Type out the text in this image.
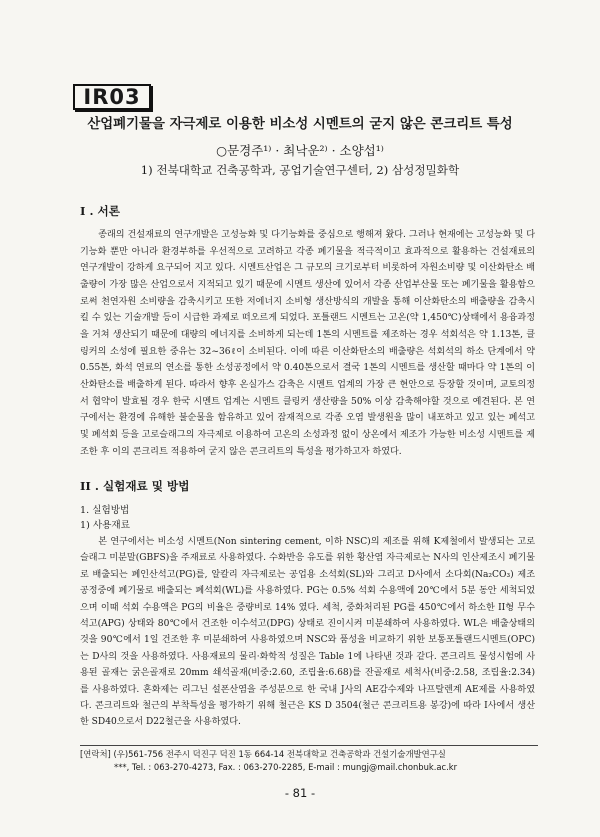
IR03
산업폐기물을 자극제로 이용한 비소성 시멘트의 굳지 않은 콘크리트 특성
○문경주¹⁾ · 최낙운²⁾ · 소양섭¹⁾
1) 전북대학교 건축공학과, 공업기술연구센터, 2) 삼성정밀화학
I . 서론
종래의 건설재료의 연구개발은 고성능화 및 다기능화를 중심으로 행해져 왔다. 그러나 현재에는 고성능화 및 다기능화 뿐만 아니라 환경부하를 우선적으로 고려하고 각종 폐기물을 적극적이고 효과적으로 활용하는 건설재료의 연구개발이 강하게 요구되어 지고 있다. 시멘트산업은 그 규모의 크기로부터 비롯하여 자원소비량 및 이산화탄소 배출량이 가장 많은 산업으로서 지적되고 있기 때문에 시멘트 생산에 있어서 각종 산업부산물 또는 폐기물을 활용함으로써 천연자원 소비량을 감축시키고 또한 저에너지 소비형 생산방식의 개발을 통해 이산화탄소의 배출량을 감축시킬 수 있는 기술개발 등이 시급한 과제로 떠오르게 되었다. 포틀랜드 시멘트는 고온(약 1,450℃)상태에서 용융과정을 거쳐 생산되기 때문에 대량의 에너지를 소비하게 되는데 1톤의 시멘트를 제조하는 경우 석회석은 약 1.13톤, 클링커의 소성에 필요한 중유는 32~36ℓ이 소비된다. 이에 따른 이산화탄소의 배출량은 석회석의 하소 단계에서 약 0.55톤, 화석 연료의 연소를 통한 소성공정에서 약 0.40톤으로서 결국 1톤의 시멘트를 생산할 때마다 약 1톤의 이산화탄소를 배출하게 된다. 따라서 향후 온실가스 감축은 시멘트 업계의 가장 큰 현안으로 등장할 것이며, 교토의정서 협약이 발효될 경우 한국 시멘트 업계는 시멘트 클링커 생산량을 50% 이상 감축해야할 것으로 예견된다. 본 연구에서는 환경에 유해한 불순물을 함유하고 있어 잠재적으로 각종 오염 발생원을 많이 내포하고 있고 있는 폐석고 및 폐석회 등을 고로슬래그의 자극제로 이용하여 고온의 소성과정 없이 상온에서 제조가 가능한 비소성 시멘트를 제조한 후 이의 콘크리트 적용하여 굳지 않은 콘크리트의 특성을 평가하고자 하였다.
II . 실험재료 및 방법
1. 실험방법
1) 사용재료
본 연구에서는 비소성 시멘트(Non sintering cement, 이하 NSC)의 제조를 위해 K제철에서 발생되는 고로슬래그 미분말(GBFS)을 주재료로 사용하였다. 수화반응 유도를 위한 황산염 자극제로는 N사의 인산제조시 폐기물로 배출되는 폐인산석고(PG)를, 알칼리 자극제로는 공업용 소석회(SL)와 그리고 D사에서 소다회(Na₂CO₃) 제조 공정중에 폐기물로 배출되는 폐석회(WL)를 사용하였다. PG는 0.5% 석회 수용액에 20℃에서 5분 동안 세척되었으며 이때 석회 수용액은 PG의 비율은 중량비로 14% 였다. 세척, 중화처리된 PG를 450℃에서 하소한 II형 무수석고(APG) 상태와 80℃에서 건조한 이수석고(DPG) 상태로 진이시켜 미분쇄하여 사용하였다. WL은 배출상태의 것을 90℃에서 1일 건조한 후 미분쇄하여 사용하였으며 NSC와 품성을 비교하기 위한 보통포틀랜드시멘트(OPC)는 D사의 것을 사용하였다. 사용재료의 물리·화학적 성질은 Table 1에 나타낸 것과 같다. 콘크리트 물성시험에 사용된 골재는 굵은골재로 20mm 쇄석골재(비중:2.60, 조립율:6.68)를 잔골재로 세척사(비중:2.58, 조립율:2.34)를 사용하였다. 혼화제는 리그닌 설폰산염을 주성분으로 한 국내 J사의 AE감수제와 나프탈렌계 AE제를 사용하였다. 콘크리트와 철근의 부착특성을 평가하기 위해 철근은 KS D 3504(철근 콘크리트용 봉강)에 따라 I사에서 생산한 SD40으로서 D22철근을 사용하였다.
[연락처] (우)561-756 전주시 덕진구 덕진 1동 664-14 전북대학교 건축공학과 건설기술개발연구실
***, Tel. : 063-270-4273, Fax. : 063-270-2285, E-mail : mungj@mail.chonbuk.ac.kr
- 81 -
